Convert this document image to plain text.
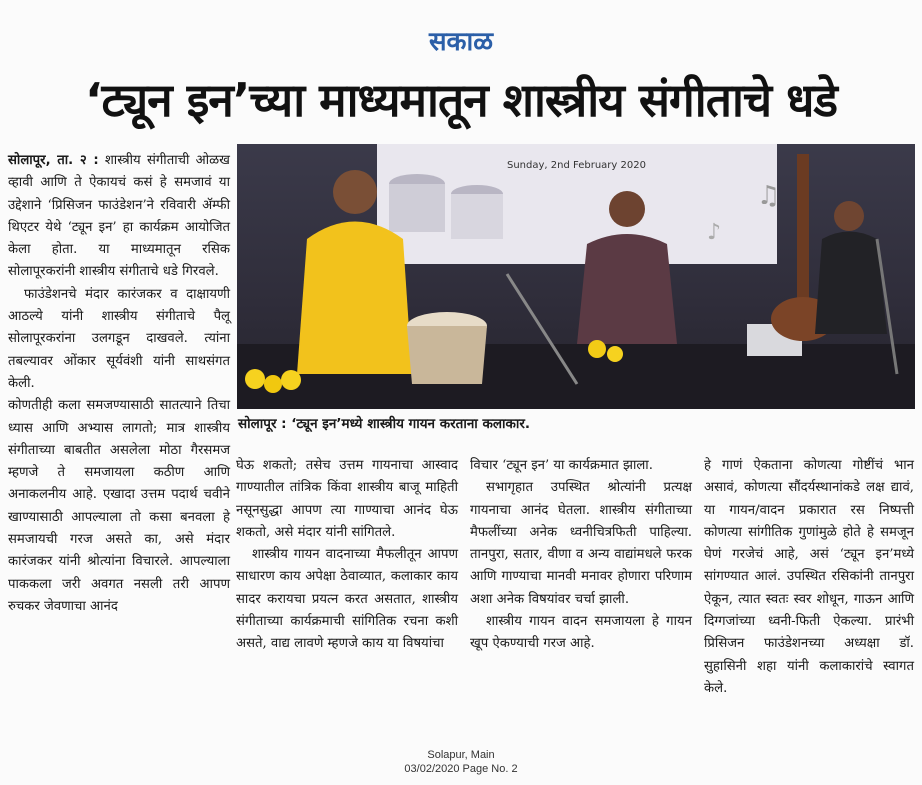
सकाळ
‘ट्यून इन’च्या माध्यमातून शास्त्रीय संगीताचे धडे

सोलापूर, ता. २ : शास्त्रीय संगीताची ओळख व्हावी आणि ते ऐकायचं कसं हे समजावं या उद्देशाने ‘प्रिसिजन फाउंडेशन’ने रविवारी ॲम्फी थिएटर येथे ‘ट्यून इन’ हा कार्यक्रम आयोजित केला होता. या माध्यमातून रसिक सोलापूरकरांनी शास्त्रीय संगीताचे धडे गिरवले.

फाउंडेशनचे मंदार कारंजकर व दाक्षायणी आठल्ये यांनी शास्त्रीय संगीताचे पैलू सोलापूरकरांना उलगडून दाखवले. त्यांना तबल्यावर ओंकार सूर्यवंशी यांनी साथसंगत केली.

कोणतीही कला समजण्यासाठी सातत्याने तिचा ध्यास आणि अभ्यास लागतो; मात्र शास्त्रीय संगीताच्या बाबतीत असलेला मोठा गैरसमज म्हणजे ते समजायला कठीण आणि अनाकलनीय आहे. एखादा उत्तम पदार्थ चवीने खाण्यासाठी आपल्याला तो कसा बनवला हे समजायची गरज असते का, असे मंदार कारंजकर यांनी श्रोत्यांना विचारले. आपल्याला पाककला जरी अवगत नसली तरी आपण रुचकर जेवणाचा आनंद

Sunday, 2nd February 2020
♫
♪
सोलापूर : ‘ट्यून इन’मध्ये शास्त्रीय गायन करताना कलाकार.

घेऊ शकतो; तसेच उत्तम गायनाचा आस्वाद गाण्यातील तांत्रिक किंवा शास्त्रीय बाजू माहिती नसूनसुद्धा आपण त्या गाण्याचा आनंद घेऊ शकतो, असे मंदार यांनी सांगितले.

शास्त्रीय गायन वादनाच्या मैफलीतून आपण साधारण काय अपेक्षा ठेवाव्यात, कलाकार काय सादर करायचा प्रयत्न करत असतात, शास्त्रीय संगीताच्या कार्यक्रमाची सांगितिक रचना कशी असते, वाद्य लावणे म्हणजे काय या विषयांचा

विचार ‘ट्यून इन’ या कार्यक्रमात झाला.

सभागृहात उपस्थित श्रोत्यांनी प्रत्यक्ष गायनाचा आनंद घेतला. शास्त्रीय संगीताच्या मैफलींच्या अनेक ध्वनीचित्रफिती पाहिल्या. तानपुरा, सतार, वीणा व अन्य वाद्यांमधले फरक आणि गाण्याचा मानवी मनावर होणारा परिणाम अशा अनेक विषयांवर चर्चा झाली.

शास्त्रीय गायन वादन समजायला हे गायन खूप ऐकण्याची गरज आहे.

हे गाणं ऐकताना कोणत्या गोष्टींचं भान असावं, कोणत्या सौंदर्यस्थानांकडे लक्ष द्यावं, या गायन/वादन प्रकारात रस निष्पत्ती कोणत्या सांगीतिक गुणांमुळे होते हे समजून घेणं गरजेचं आहे, असं ‘ट्यून इन’मध्ये सांगण्यात आलं. उपस्थित रसिकांनी तानपुरा ऐकून, त्यात स्वतः स्वर शोधून, गाऊन आणि दिग्गजांच्या ध्वनी-फिती ऐकल्या. प्रारंभी प्रिसिजन फाउंडेशनच्या अध्यक्षा डॉ. सुहासिनी शहा यांनी कलाकारांचे स्वागत केले.

Solapur, Main
03/02/2020 Page No. 2
